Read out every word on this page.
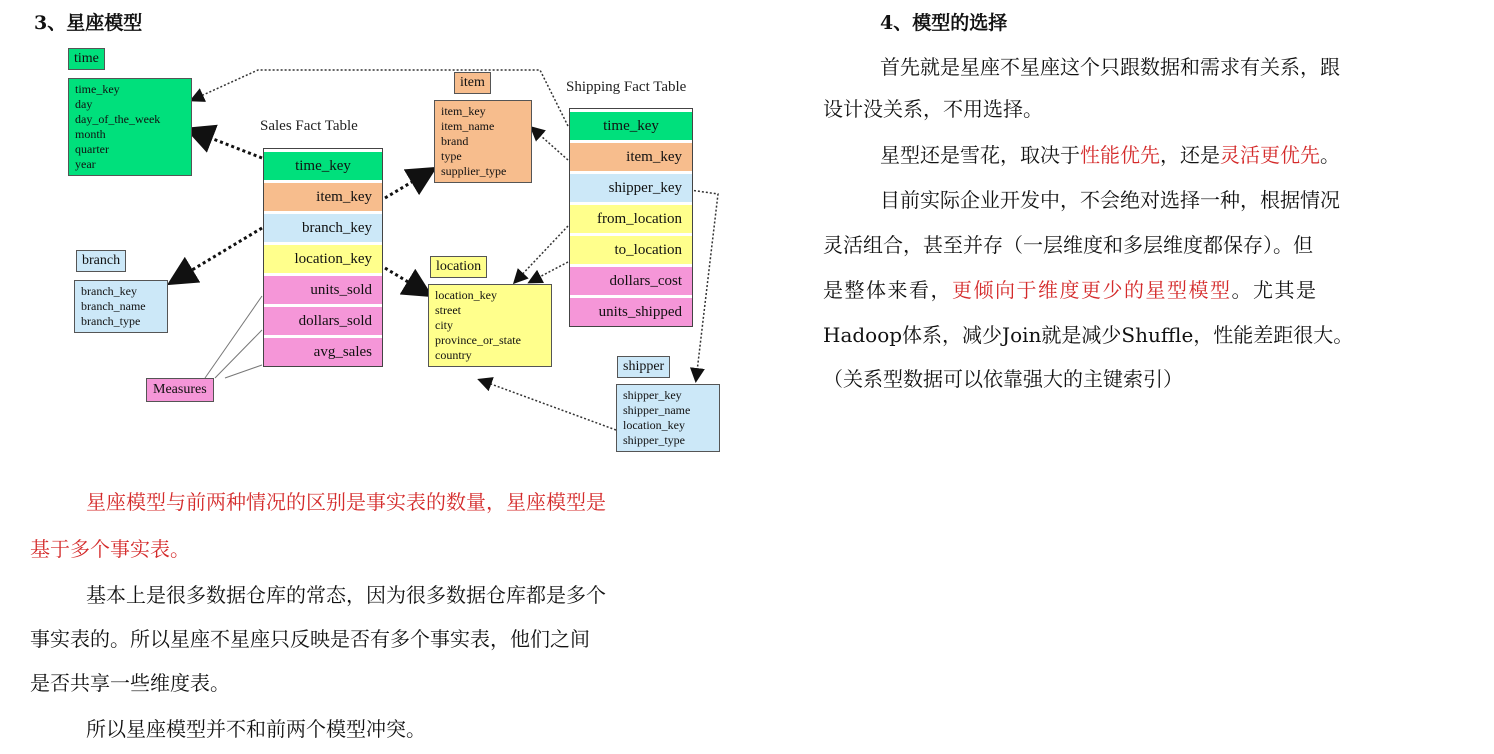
3、星座模型
time
time_key
day
day_of_the_week
month
quarter
year
item
item_key
item_name
brand
type
supplier_type
branch
branch_key
branch_name
branch_type
location
location_key
street
city
province_or_state
country
shipper
shipper_key
shipper_name
location_key
shipper_type
Sales Fact Table
time_key
item_key
branch_key
location_key
units_sold
dollars_sold
avg_sales
Shipping Fact Table
time_key
item_key
shipper_key
from_location
to_location
dollars_cost
units_shipped
Measures
星座模型与前两种情况的区别是事实表的数量，星座模型是
基于多个事实表。
基本上是很多数据仓库的常态，因为很多数据仓库都是多个
事实表的。所以星座不星座只反映是否有多个事实表，他们之间
是否共享一些维度表。
所以星座模型并不和前两个模型冲突。
4、模型的选择
首先就是星座不星座这个只跟数据和需求有关系，跟
设计没关系，不用选择。
星型还是雪花，取决于性能优先，还是灵活更优先。
目前实际企业开发中，不会绝对选择一种，根据情况
灵活组合，甚至并存（一层维度和多层维度都保存）。但
是整体来看，更倾向于维度更少的星型模型。尤其是
Hadoop体系，减少Join就是减少Shuffle，性能差距很大。
（关系型数据可以依靠强大的主键索引）
